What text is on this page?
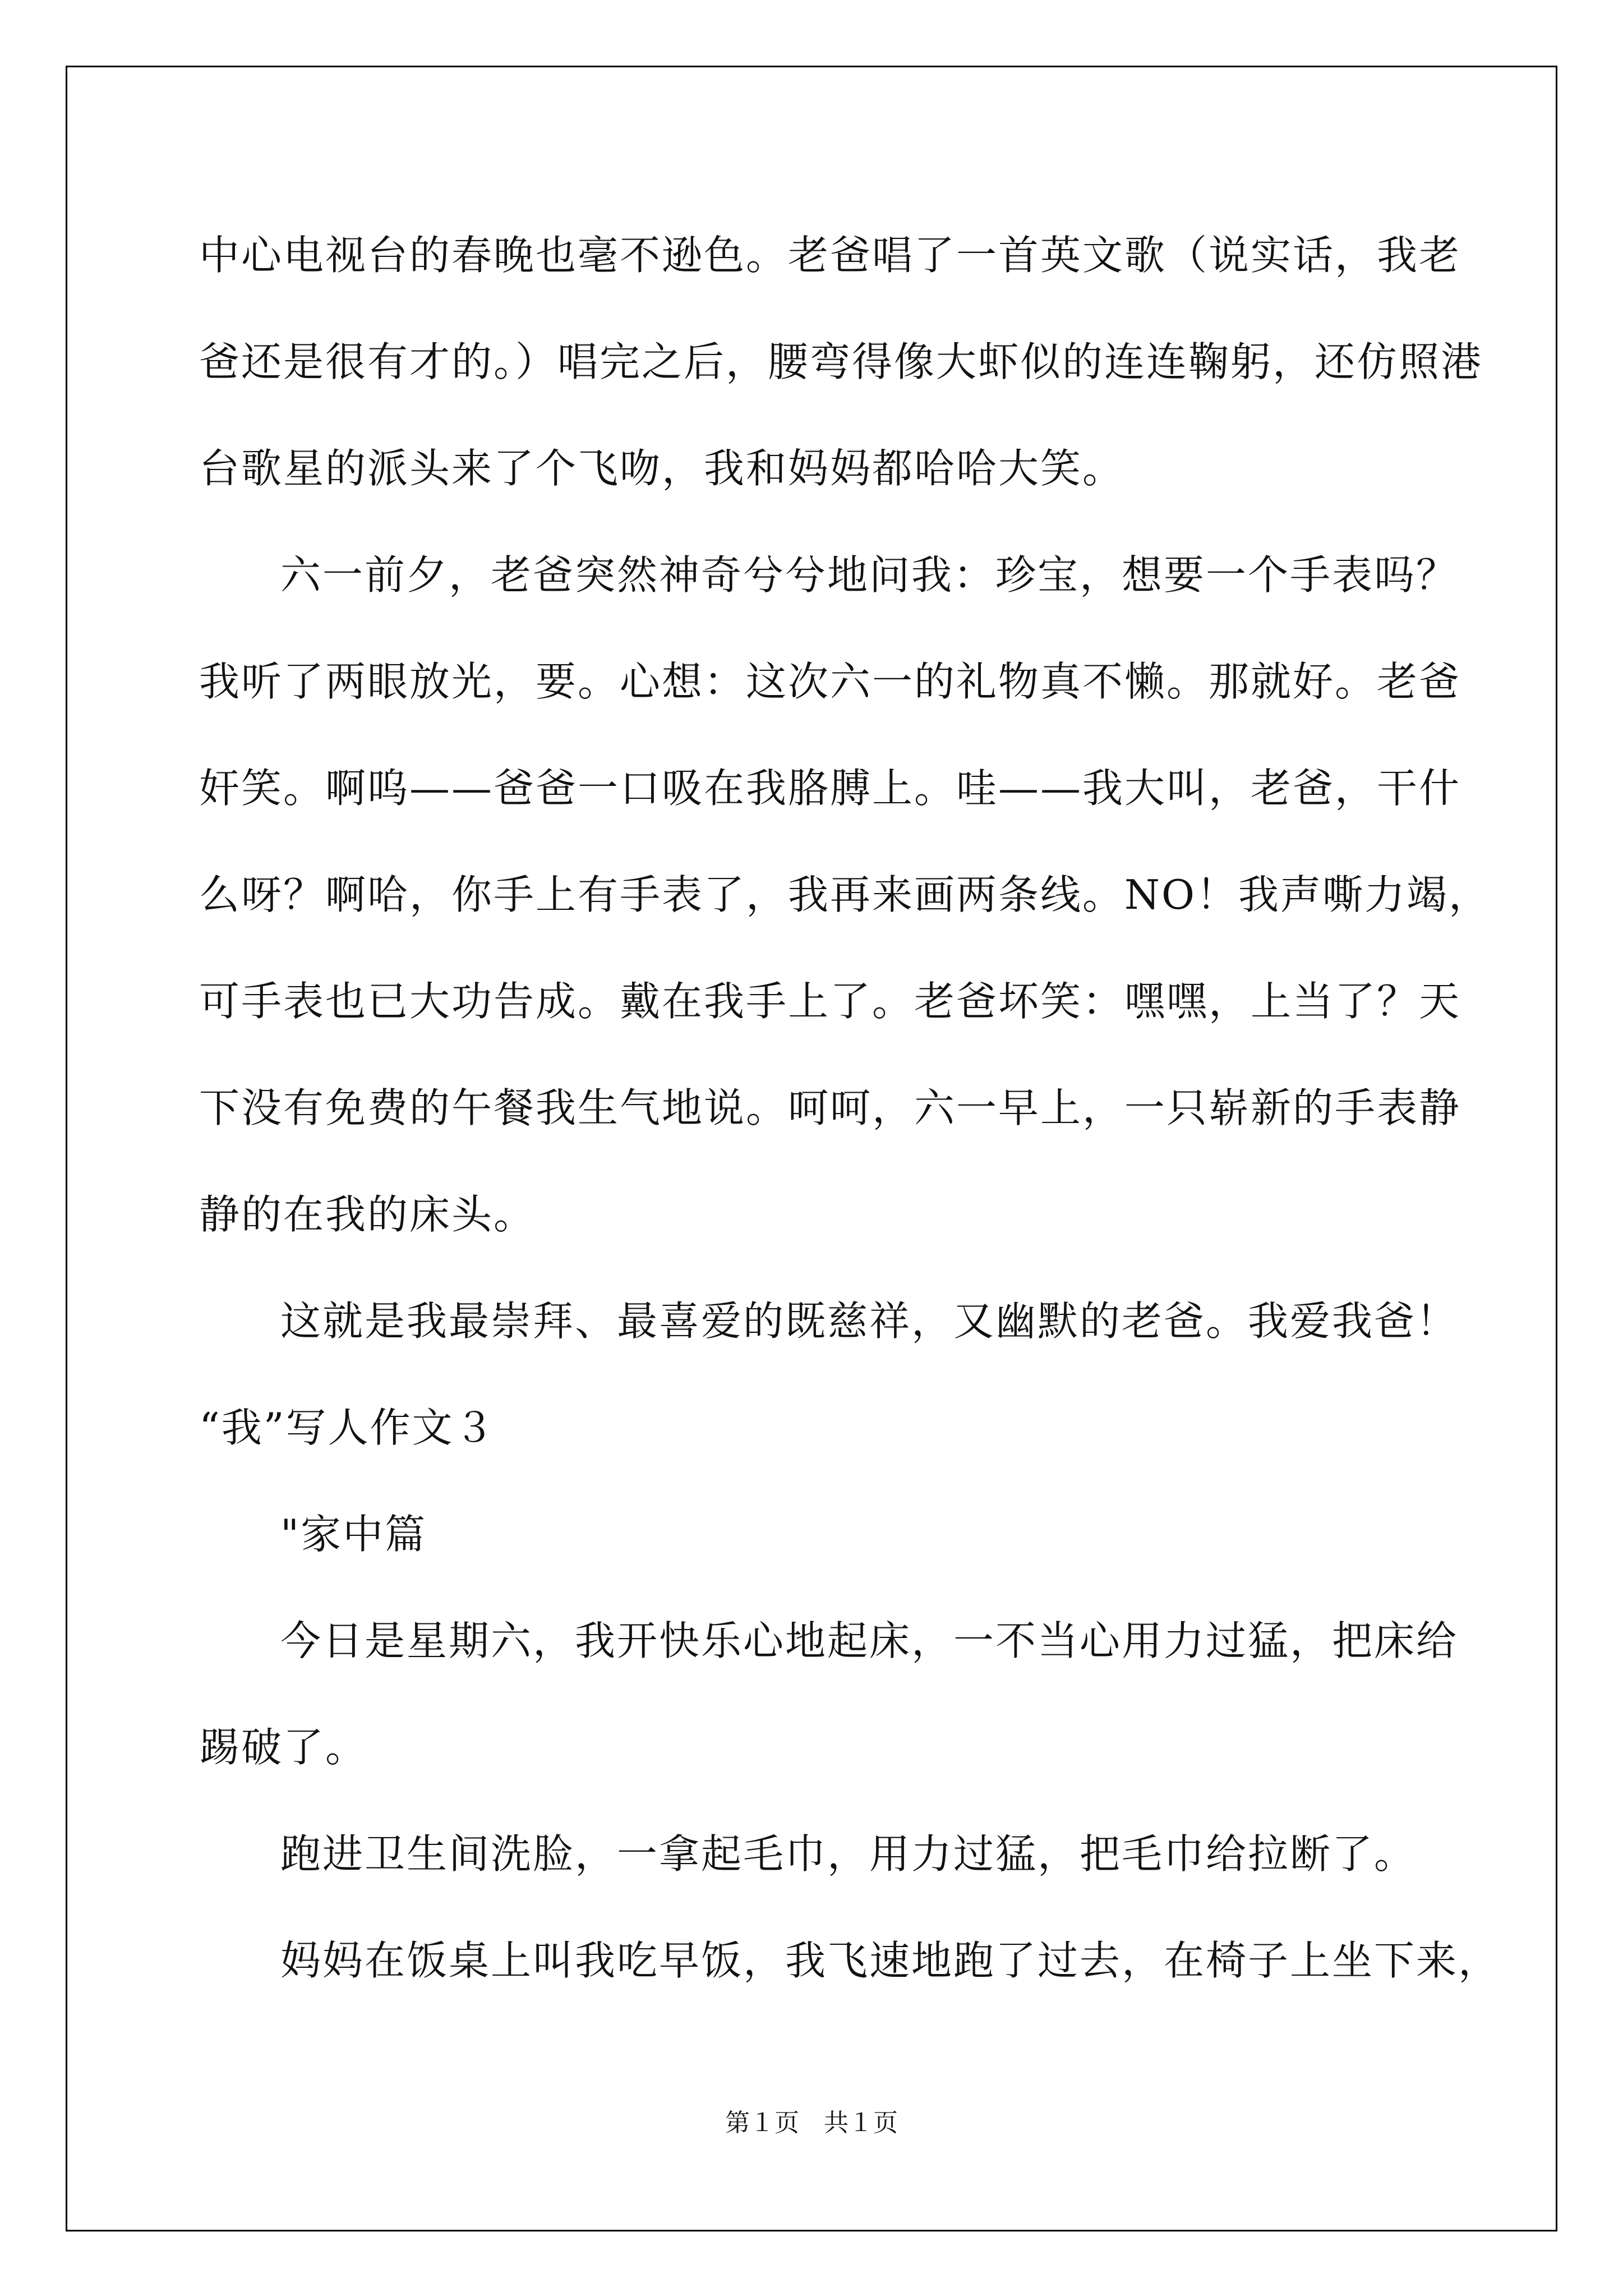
中心电视台的春晚也毫不逊色。老爸唱了一首英文歌（说实话，我老
爸还是很有才的。）唱完之后，腰弯得像大虾似的连连鞠躬，还仿照港
台歌星的派头来了个飞吻，我和妈妈都哈哈大笑。
六一前夕，老爸突然神奇兮兮地问我：珍宝，想要一个手表吗？
我听了两眼放光，要。心想：这次六一的礼物真不懒。那就好。老爸
奸笑。啊呜——爸爸一口吸在我胳膊上。哇——我大叫，老爸，干什
么呀？啊哈，你手上有手表了，我再来画两条线。NO！我声嘶力竭，
可手表也已大功告成。戴在我手上了。老爸坏笑：嘿嘿，上当了？天
下没有免费的午餐我生气地说。呵呵，六一早上，一只崭新的手表静
静的在我的床头。
这就是我最崇拜、最喜爱的既慈祥，又幽默的老爸。我爱我爸！
“我”写人作文３
"家中篇
今日是星期六，我开快乐心地起床，一不当心用力过猛，把床给
踢破了。
跑进卫生间洗脸，一拿起毛巾，用力过猛，把毛巾给拉断了。
妈妈在饭桌上叫我吃早饭，我飞速地跑了过去，在椅子上坐下来，
第１页　共１页
